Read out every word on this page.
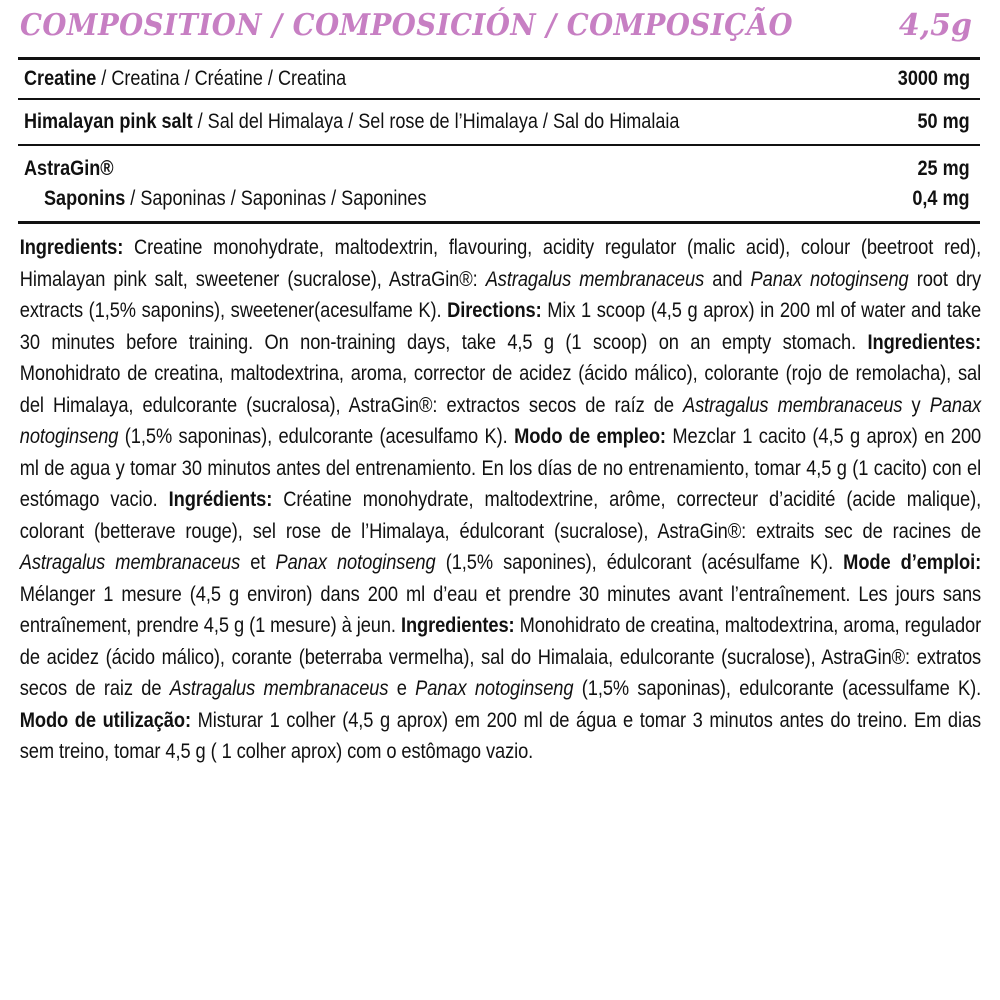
COMPOSITION / COMPOSICIÓN / COMPOSIÇÃO	4,5g
Creatine / Creatina / Créatine / Creatina	3000 mg
Himalayan pink salt / Sal del Himalaya / Sel rose de l’Himalaya / Sal do Himalaia	50 mg
AstraGin®	25 mg
Saponins / Saponinas / Saponinas / Saponines	0,4 mg

Ingredients: Creatine monohydrate, maltodextrin, flavouring, acidity regulator (malic acid), colour (beetroot red), Himalayan pink salt, sweetener (sucralose), AstraGin®: Astragalus membranaceus and Panax notoginseng root dry extracts (1,5% saponins), sweetener(acesulfame K). Directions: Mix 1 scoop (4,5 g aprox) in 200 ml of water and take 30 minutes before training. On non-training days, take 4,5 g (1 scoop) on an empty stomach. Ingredientes: Monohidrato de creatina, maltodextrina, aroma, corrector de acidez (ácido málico), colorante (rojo de remolacha), sal del Himalaya, edulcorante (sucralosa), AstraGin®: extractos secos de raíz de Astragalus membranaceus y Panax notoginseng (1,5% saponinas), edulcorante (acesulfamo K). Modo de empleo: Mezclar 1 cacito (4,5 g aprox) en 200 ml de agua y tomar 30 minutos antes del entrenamiento. En los días de no entrenamiento, tomar 4,5 g (1 cacito) con el estómago vacio. Ingrédients: Créatine monohydrate, maltodextrine, arôme, correcteur d’acidité (acide malique), colorant (betterave rouge), sel rose de l’Himalaya, édulcorant (sucralose), AstraGin®: extraits sec de racines de Astragalus membranaceus et Panax notoginseng (1,5% saponines), édulcorant (acésulfame K). Mode d’emploi: Mélanger 1 mesure (4,5 g environ) dans 200 ml d’eau et prendre 30 minutes avant l’entraînement. Les jours sans entraînement, prendre 4,5 g (1 mesure) à jeun. Ingredientes: Monohidrato de creatina, maltodextrina, aroma, regulador de acidez (ácido málico), corante (beterraba vermelha), sal do Himalaia, edulcorante (sucralose), AstraGin®: extratos secos de raiz de Astragalus membranaceus e Panax notoginseng (1,5% saponinas), edulcorante (acessulfame K). Modo de utilização: Misturar 1 colher (4,5 g aprox) em 200 ml de água e tomar 3 minutos antes do treino. Em dias sem treino, tomar 4,5 g ( 1 colher aprox) com o estômago vazio.
